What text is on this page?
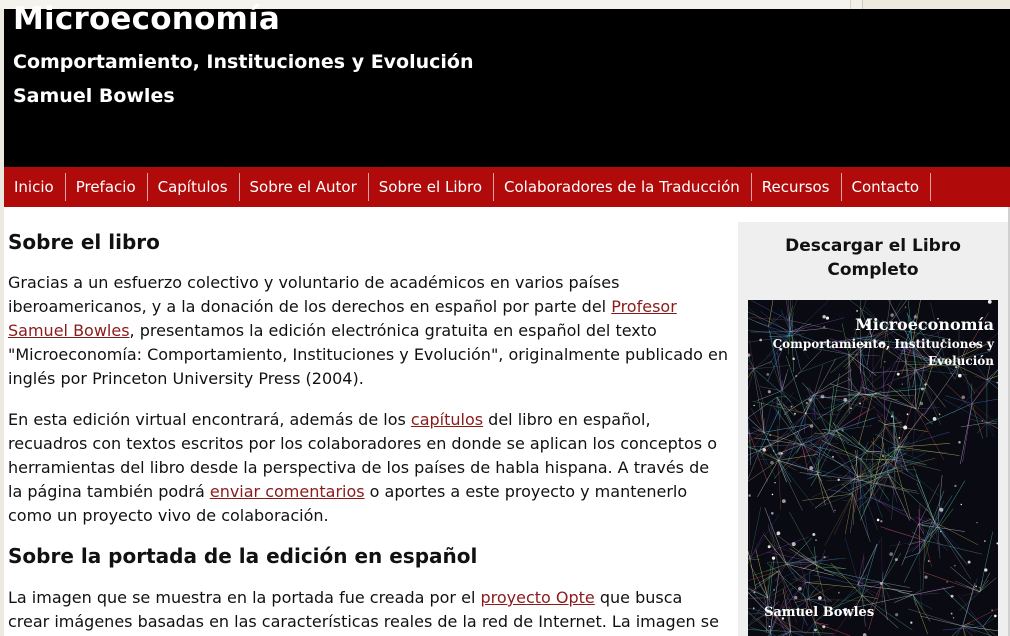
Microeconomía
Comportamiento, Instituciones y Evolución
Samuel Bowles
Inicio	Prefacio	Capítulos	Sobre el Autor	Sobre el Libro	Colaboradores de la Traducción	Recursos	Contacto
Sobre el libro

Gracias a un esfuerzo colectivo y voluntario de académicos en varios países iberoamericanos, y a la donación de los derechos en español por parte del Profesor Samuel Bowles, presentamos la edición electrónica gratuita en español del texto "Microeconomía: Comportamiento, Instituciones y Evolución", originalmente publicado en inglés por Princeton University Press (2004).

En esta edición virtual encontrará, además de los capítulos del libro en español, recuadros con textos escritos por los colaboradores en donde se aplican los conceptos o herramientas del libro desde la perspectiva de los países de habla hispana. A través de la página también podrá enviar comentarios o aportes a este proyecto y mantenerlo como un proyecto vivo de colaboración.

Sobre la portada de la edición en español

La imagen que se muestra en la portada fue creada por el proyecto Opte que busca crear imágenes basadas en las características reales de la red de Internet. La imagen se

Descargar el Libro Completo
Microeconomía
Comportamiento, Instituciones y Evolución
Samuel Bowles
